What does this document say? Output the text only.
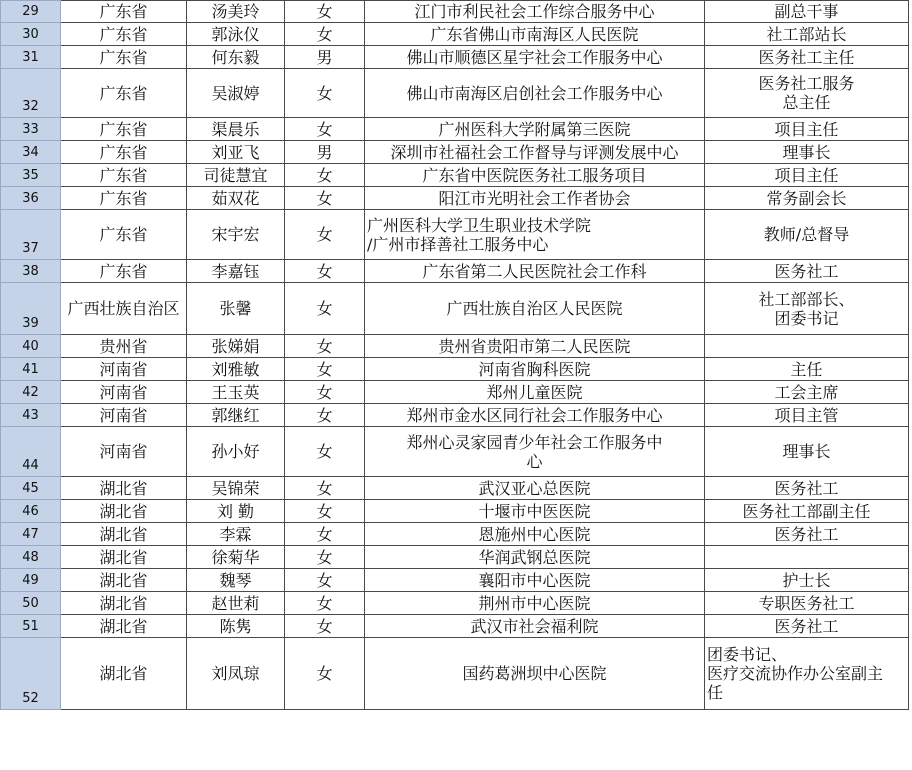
29	广东省	汤美玲	女	江门市利民社会工作综合服务中心	副总干事

30	广东省	郭泳仪	女	广东省佛山市南海区人民医院	社工部站长

31	广东省	何东毅	男	佛山市顺德区星宇社会工作服务中心	医务社工主任

32	广东省	吴淑婷	女	佛山市南海区启创社会工作服务中心	医务社工服务
总主任

33	广东省	渠晨乐	女	广州医科大学附属第三医院	项目主任

34	广东省	刘亚飞	男	深圳市社福社会工作督导与评测发展中心	理事长

35	广东省	司徒慧宜	女	广东省中医院医务社工服务项目	项目主任

36	广东省	茹双花	女	阳江市光明社会工作者协会	常务副会长

37	广东省	宋宇宏	女	广州医科大学卫生职业技术学院
/广州市择善社工服务中心	教师/总督导

38	广东省	李嘉钰	女	广东省第二人民医院社会工作科	医务社工

39	广西壮族自治区	张馨	女	广西壮族自治区人民医院	社工部部长、
团委书记

40	贵州省	张娣娟	女	贵州省贵阳市第二人民医院	

41	河南省	刘雅敏	女	河南省胸科医院	主任

42	河南省	王玉英	女	郑州儿童医院	工会主席

43	河南省	郭继红	女	郑州市金水区同行社会工作服务中心	项目主管

44	河南省	孙小好	女	郑州心灵家园青少年社会工作服务中
心	理事长

45	湖北省	吴锦荣	女	武汉亚心总医院	医务社工

46	湖北省	刘 勤	女	十堰市中医医院	医务社工部副主任

47	湖北省	李霖	女	恩施州中心医院	医务社工

48	湖北省	徐菊华	女	华润武钢总医院	

49	湖北省	魏琴	女	襄阳市中心医院	护士长

50	湖北省	赵世莉	女	荆州市中心医院	专职医务社工

51	湖北省	陈隽	女	武汉市社会福利院	医务社工

52	湖北省	刘凤琼	女	国药葛洲坝中心医院	团委书记、
医疗交流协作办公室副主
任
